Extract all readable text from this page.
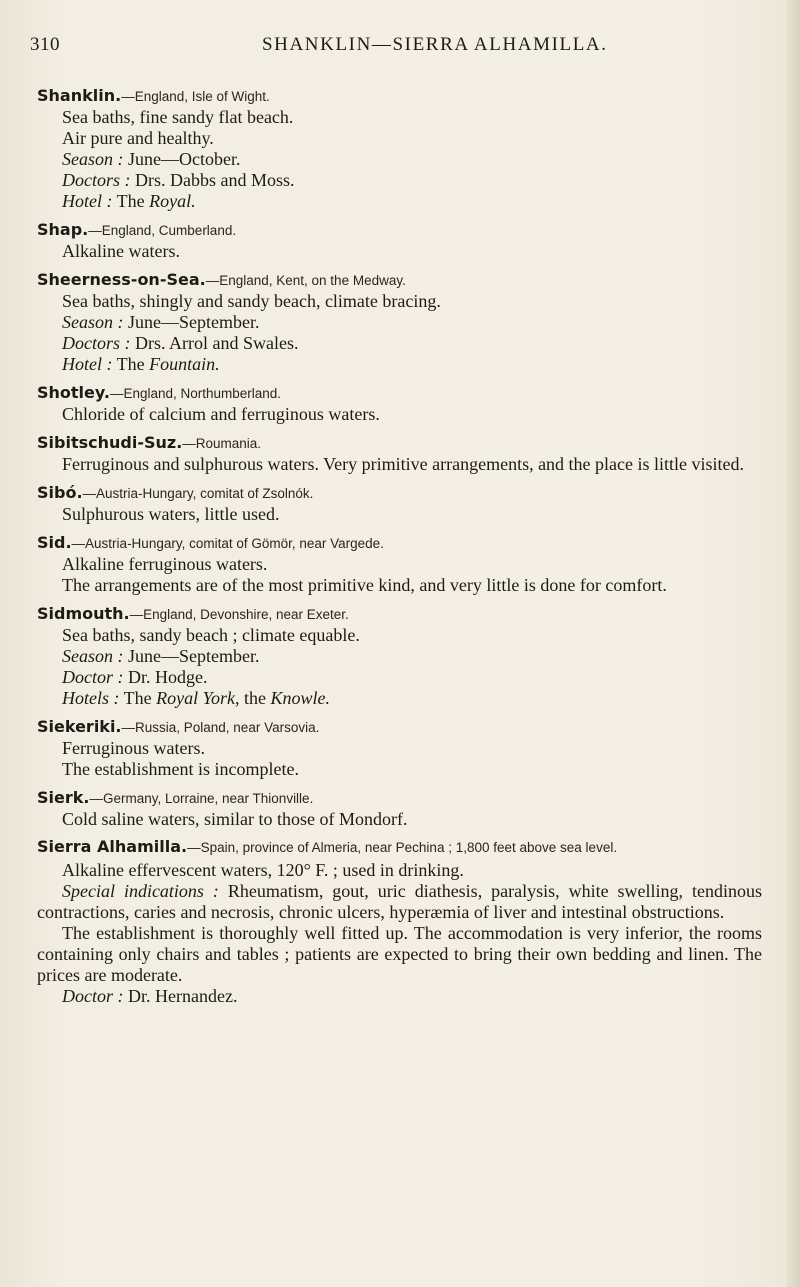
310	SHANKLIN—SIERRA ALHAMILLA.

Shanklin.—England, Isle of Wight.

Sea baths, fine sandy flat beach.

Air pure and healthy.

Season : June—October.

Doctors : Drs. Dabbs and Moss.

Hotel : The Royal.

Shap.—England, Cumberland.

Alkaline waters.

Sheerness-on-Sea.—England, Kent, on the Medway.

Sea baths, shingly and sandy beach, climate bracing.

Season : June—September.

Doctors : Drs. Arrol and Swales.

Hotel : The Fountain.

Shotley.—England, Northumberland.

Chloride of calcium and ferruginous waters.

Sibitschudi-Suz.—Roumania.

Ferruginous and sulphurous waters. Very primitive arrangements, and the place is little visited.

Sibó.—Austria-Hungary, comitat of Zsolnók.

Sulphurous waters, little used.

Sid.—Austria-Hungary, comitat of Gömör, near Vargede.

Alkaline ferruginous waters.

The arrangements are of the most primitive kind, and very little is done for comfort.

Sidmouth.—England, Devonshire, near Exeter.

Sea baths, sandy beach ; climate equable.

Season : June—September.

Doctor : Dr. Hodge.

Hotels : The Royal York, the Knowle.

Siekeriki.—Russia, Poland, near Varsovia.

Ferruginous waters.

The establishment is incomplete.

Sierk.—Germany, Lorraine, near Thionville.

Cold saline waters, similar to those of Mondorf.

Sierra Alhamilla.—Spain, province of Almeria, near Pechina ; 1,800 feet above sea level.

Alkaline effervescent waters, 120° F. ; used in drinking.

Special indications : Rheumatism, gout, uric diathesis, paralysis, white swelling, tendinous contractions, caries and necrosis, chronic ulcers, hyperæmia of liver and intestinal obstructions.

The establishment is thoroughly well fitted up. The accommodation is very inferior, the rooms containing only chairs and tables ; patients are expected to bring their own bedding and linen. The prices are moderate.

Doctor : Dr. Hernandez.
